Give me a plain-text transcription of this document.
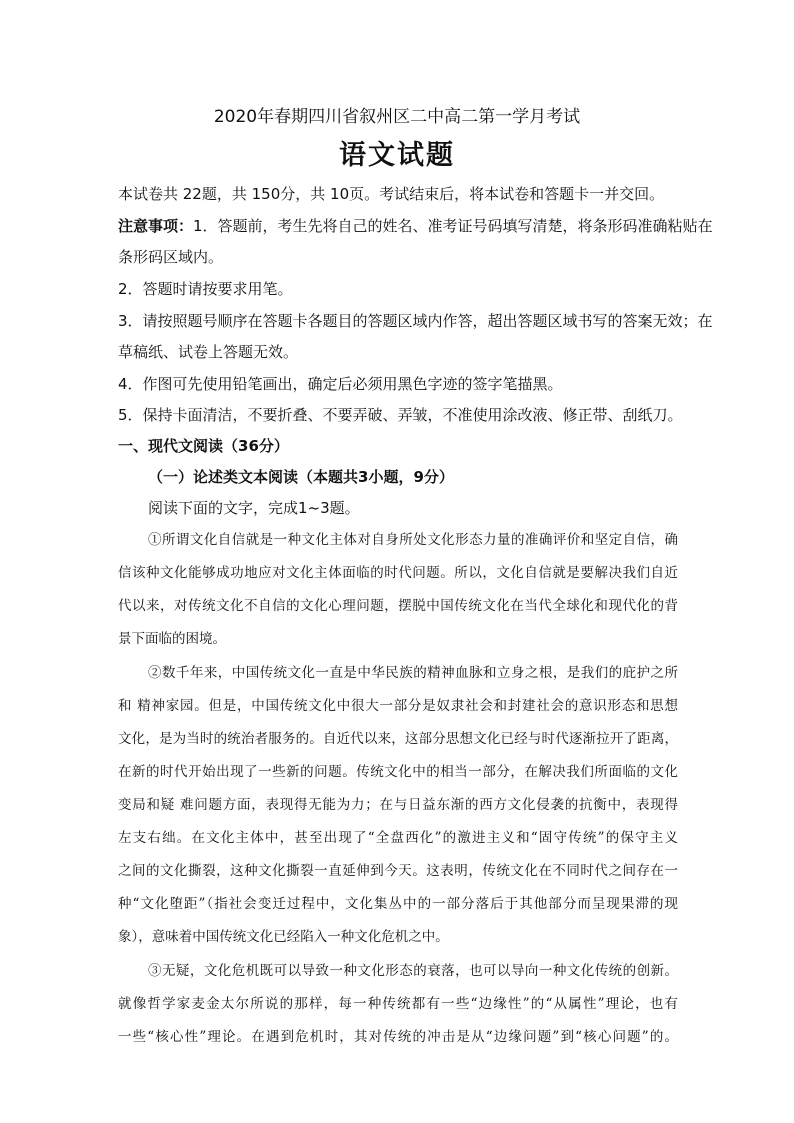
2020年春期四川省叙州区二中高二第一学月考试
语文试题
本试卷共 22题，共 150分，共 10页。考试结束后，将本试卷和答题卡一并交回。
注意事项：1．答题前，考生先将自己的姓名、准考证号码填写清楚，将条形码准确粘贴在
条形码区域内。
2．答题时请按要求用笔。
3．请按照题号顺序在答题卡各题目的答题区域内作答，超出答题区域书写的答案无效；在
草稿纸、试卷上答题无效。
4．作图可先使用铅笔画出，确定后必须用黑色字迹的签字笔描黑。
5．保持卡面清洁，不要折叠、不要弄破、弄皱，不准使用涂改液、修正带、刮纸刀。
一、现代文阅读（36分）
（一）论述类文本阅读（本题共3小题，9分）
阅读下面的文字，完成1~3题。
①所谓文化自信就是一种文化主体对自身所处文化形态力量的准确评价和坚定自信，确
信该种文化能够成功地应对文化主体面临的时代问题。所以，文化自信就是要解决我们自近
代以来，对传统文化不自信的文化心理问题，摆脱中国传统文化在当代全球化和现代化的背
景下面临的困境。
②数千年来，中国传统文化一直是中华民族的精神血脉和立身之根，是我们的庇护之所
和 精神家园。但是，中国传统文化中很大一部分是奴隶社会和封建社会的意识形态和思想
文化，是为当时的统治者服务的。自近代以来，这部分思想文化已经与时代逐渐拉开了距离，
在新的时代开始出现了一些新的问题。传统文化中的相当一部分，在解决我们所面临的文化
变局和疑 难问题方面，表现得无能为力；在与日益东渐的西方文化侵袭的抗衡中，表现得
左支右绌。在文化主体中，甚至出现了“全盘西化”的激进主义和“固守传统”的保守主义
之间的文化撕裂，这种文化撕裂一直延伸到今天。这表明，传统文化在不同时代之间存在一
种“文化堕距”（指社会变迁过程中，文化集丛中的一部分落后于其他部分而呈现果滞的现
象），意味着中国传统文化已经陷入一种文化危机之中。
③无疑，文化危机既可以导致一种文化形态的衰落，也可以导向一种文化传统的创新。
就像哲学家麦金太尔所说的那样，每一种传统都有一些“边缘性”的“从属性”理论，也有
一些“核心性”理论。在遇到危机时，其对传统的冲击是从“边缘问题”到“核心问题”的。
